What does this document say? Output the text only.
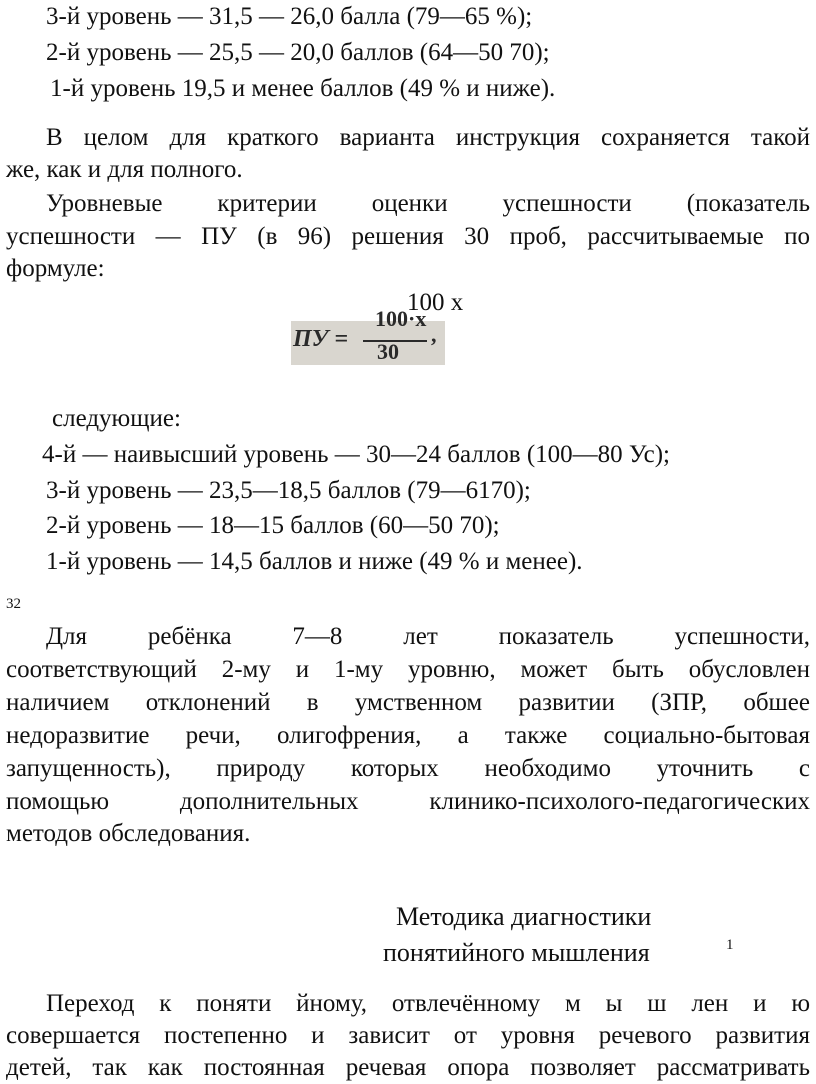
3-й уровень — 31,5 — 26,0 балла (79—65 %);
2-й уровень — 25,5 — 20,0 баллов (64—50 70);
1-й уровень 19,5 и менее баллов (49 % и ниже).
В целом для краткого варианта инструкция сохраняется такой
же, как и для полного.
Уровневые критерии оценки успешности (показатель
успешности — ПУ (в 96) решения 30 проб, рассчитываемые по
формуле:
100 х
ПУ =
100·х
30
,
следующие:
4-й — наивысший уровень — 30—24 баллов (100—80 Ус);
3-й уровень — 23,5—18,5 баллов (79—6170);
2-й уровень — 18—15 баллов (60—50 70);
1-й уровень — 14,5 баллов и ниже (49 % и менее).
32
Для ребёнка 7—8 лет показатель успешности,
соответствующий 2-му и 1-му уровню, может быть обусловлен
наличием отклонений в умственном развитии (ЗПР, обшее
недоразвитие речи, олигофрения, а также социально-бытовая
запущенность), природу которых необходимо уточнить с
помощью дополнительных клинико-психолого-педагогических
методов обследования.
Методика диагностики
понятийного мышления	1
Переход к поняти йному, отвлечённому м ы ш лен и ю
совершается постепенно и зависит от уровня речевого развития
детей, так как постоянная речевая опора позволяет рассматривать
